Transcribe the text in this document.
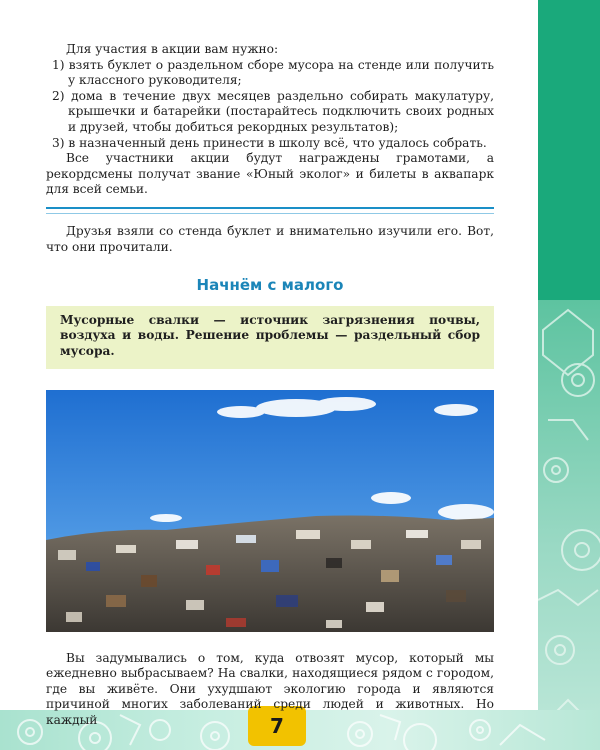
7

Для участия в акции вам нужно:

1) взять буклет о раздельном сборе мусора на стенде или получить у классного руководителя;
2) дома в течение двух месяцев раздельно собирать макулатуру, крышечки и батарейки (постарайтесь подключить своих родных и друзей, чтобы добиться рекордных результатов);
3) в назначенный день принести в школу всё, что удалось собрать.

Все участники акции будут награждены грамотами, а рекордсмены получат звание «Юный эколог» и билеты в аквапарк для всей семьи.

Друзья взяли со стенда буклет и внимательно изучили его. Вот, что они прочитали.

Начнём с малого
Мусорные свалки — источник загрязнения почвы, воздуха и воды. Решение проблемы — раздельный сбор мусора.

Вы задумывались о том, куда отвозят мусор, который мы ежедневно выбрасываем? На свалки, находящиеся рядом с городом, где вы живёте. Они ухудшают экологию города и являются причиной многих заболеваний среди людей и животных. Но каждый
